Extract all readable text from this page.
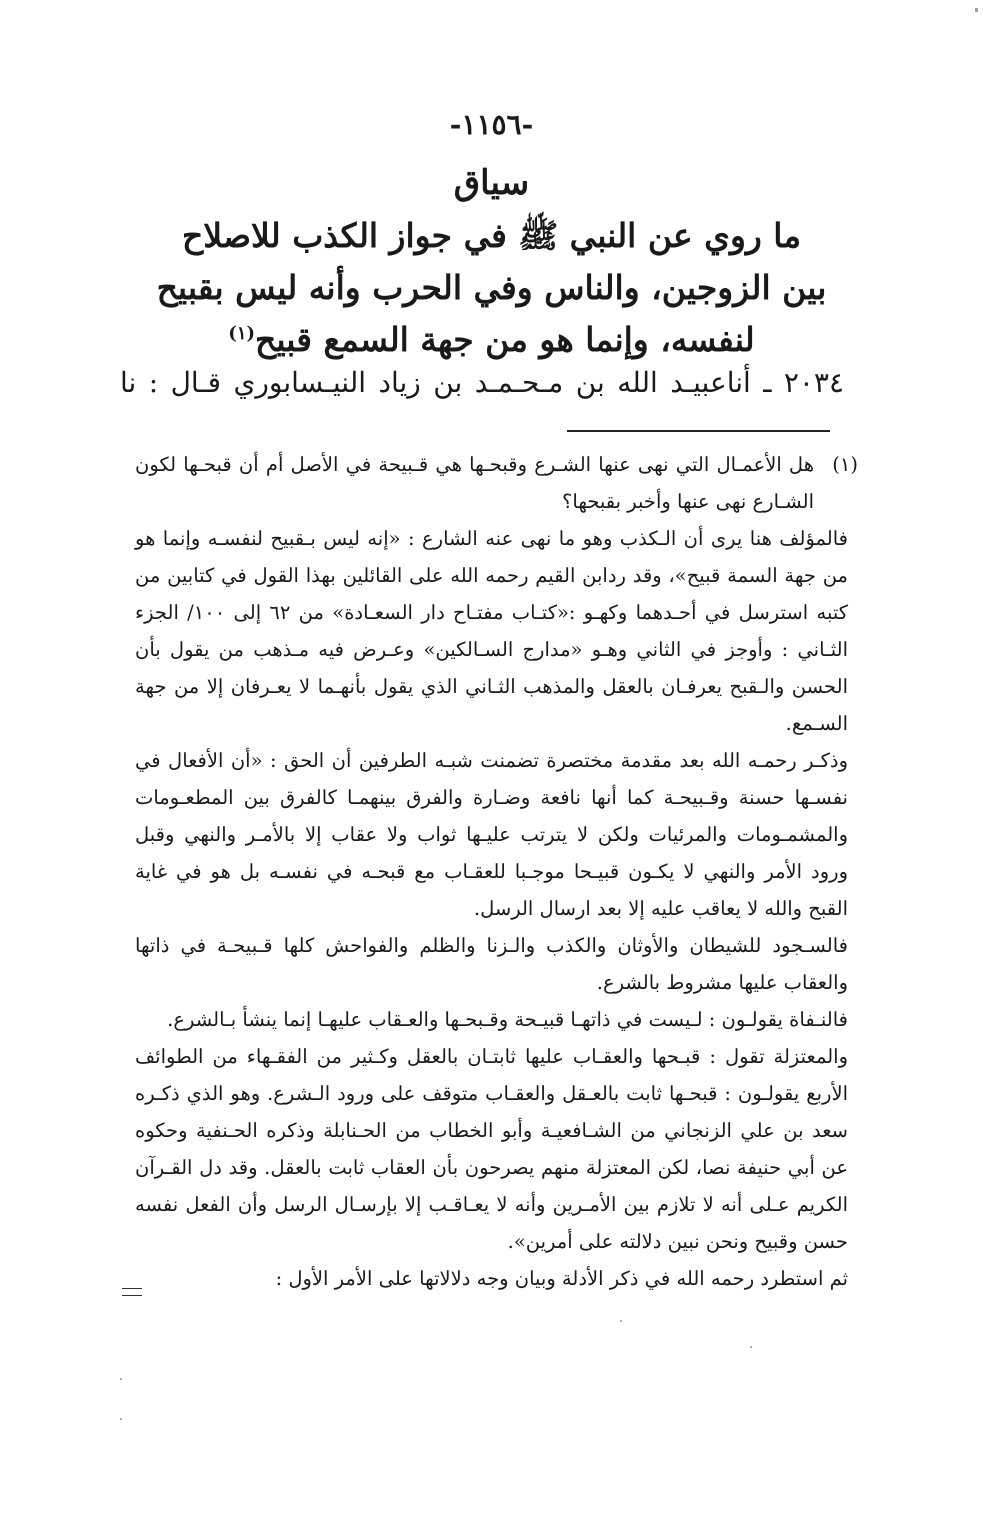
-١١٥٦-
سياق
ما روي عن النبي ﷺ في جواز الكذب للاصلاح
بين الزوجين، والناس وفي الحرب وأنه ليس بقبيح
لنفسه، وإنما هو من جهة السمع قبيح$^{(١)}$
٢٠٣٤ ـ أناعبيـد الله بن مـحـمـد بن زياد النيـسابوري قـال : نا
(١)

هل الأعمـال التي نهى عنها الشـرع وقبحـها هي قـبيحة في الأصل أم أن قبحـها لكون الشـارع نهى عنها وأخبر بقبحها؟

فالمؤلف هنا يرى أن الـكذب وهو ما نهى عنه الشارع : «إنه ليس بـقبيح لنفسـه وإنما هو من جهة السمة قبيح»، وقد ردابن القيم رحمه الله على القائلين بهذا القول في كتابين من كتبه استرسل في أحـدهما وكهـو :«كتـاب مفتـاح دار السعـادة» من ٦٢ إلى ١٠٠/ الجزء الثـاني : وأوجز في الثاني وهـو «مدارج السـالكين» وعـرض فيه مـذهب من يقول بأن الحسن والـقبح يعرفـان بالعقل والمذهب الثـاني الذي يقول بأنهـما لا يعـرفان إلا من جهة السـمع.

وذكـر رحمـه الله بعد مقدمة مختصرة تضمنت شبـه الطرفين أن الحق : «أن الأفعال في نفسـها حسنة وقـبيحـة كما أنها نافعة وضـارة والفرق بينهمـا كالفرق بين المطعـومات والمشمـومات والمرئيات ولكن لا يترتب عليـها ثواب ولا عقاب إلا بالأمـر والنهي وقبل ورود الأمر والنهي لا يكـون قبيـحا موجـبا للعقـاب مع قبحـه في نفسـه بل هو في غاية القبح والله لا يعاقب عليه إلا بعد ارسال الرسل.

فالسـجود للشيطان والأوثان والكذب والـزنا والظلم والفواحش كلها قـبيحـة في ذاتها والعقاب عليها مشروط بالشرع.

فالنـفاة يقولـون : لـيست في ذاتهـا قبيـحة وقـبحـها والعـقاب عليهـا إنما ينشأ بـالشرع.

والمعتزلة تقول : قبـحها والعقـاب عليها ثابتـان بالعقل وكـثير من الفقـهاء من الطوائف الأربع يقولـون : قبحـها ثابت بالعـقل والعقـاب متوقف على ورود الـشرع. وهو الذي ذكـره سعد بن علي الزنجاني من الشـافعيـة وأبو الخطاب من الحـنابلة وذكره الحـنفية وحكوه عن أبي حنيفة نصا، لكن المعتزلة منهم يصرحون بأن العقاب ثابت بالعقل. وقد دل القـرآن الكريم عـلى أنه لا تلازم بين الأمـرين وأنه لا يعـاقـب إلا بإرسـال الرسل وأن الفعل نفسه حسن وقبيح ونحن نبين دلالته على أمرين».

ثم استطرد رحمه الله في ذكر الأدلة وبيان وجه دلالاتها على الأمر الأول :
